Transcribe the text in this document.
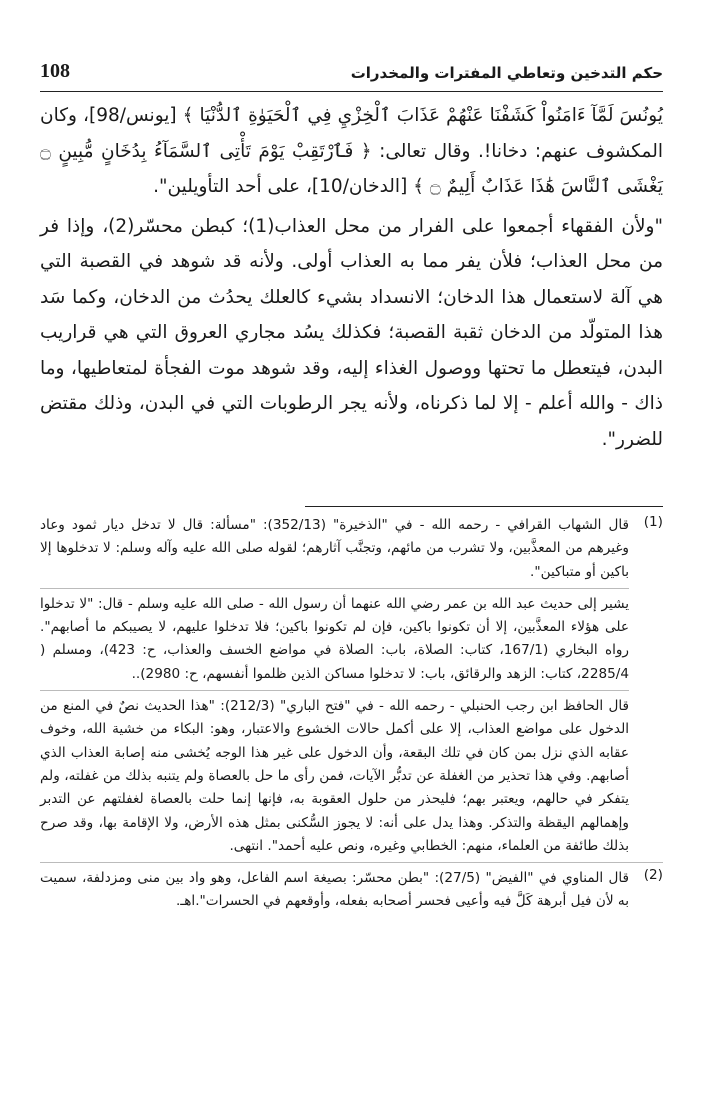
حكم التدخين وتعاطي المفترات والمخدرات
108

يُونُسَ لَمَّآ ءَامَنُواْ كَشَفْنَا عَنْهُمْ عَذَابَ ٱلْخِزْيِ فِي ٱلْحَيَوٰةِ ٱلدُّنْيَا ﴾ [يونس/98]، وكان المكشوف عنهم: دخانا!. وقال تعالى: ﴿ فَٱرْتَقِبْ يَوْمَ تَأْتِى ٱلسَّمَآءُ بِدُخَانٍ مُّبِينٍ ۝ يَغْشَى ٱلنَّاسَ هَٰذَا عَذَابٌ أَلِيمٌ ۝ ﴾ [الدخان/10]، على أحد التأويلين".

"ولأن الفقهاء أجمعوا على الفرار من محل العذاب(1)؛ كبطن محسّر(2)، وإذا فر من محل العذاب؛ فلأن يفر مما به العذاب أولى. ولأنه قد شوهد في القصبة التي هي آلة لاستعمال هذا الدخان؛ الانسداد بشيء كالعلك يحدُث من الدخان، وكما سَد هذا المتولّد من الدخان ثقبة القصبة؛ فكذلك يسُد مجاري العروق التي هي قراريب البدن، فيتعطل ما تحتها ووصول الغذاء إليه، وقد شوهد موت الفجأة لمتعاطيها، وما ذاك - والله أعلم - إلا لما ذكرناه، ولأنه يجر الرطوبات التي في البدن، وذلك مقتض للضرر".

(1)

قال الشهاب القرافي - رحمه الله - في "الذخيرة" (352/13): "مسألة: قال لا تدخل ديار ثمود وعاد وغيرهم من المعذَّبين، ولا تشرب من مائهم، وتجنَّب آثارهم؛ لقوله صلى الله عليه وآله وسلم: لا تدخلوها إلا باكين أو متباكين".

يشير إلى حديث عبد الله بن عمر رضي الله عنهما أن رسول الله - صلى الله عليه وسلم - قال: "لا تدخلوا على هؤلاء المعذَّبين، إلا أن تكونوا باكين، فإن لم تكونوا باكين؛ فلا تدخلوا عليهم، لا يصيبكم ما أصابهم". رواه البخاري (167/1، كتاب: الصلاة، باب: الصلاة في مواضع الخسف والعذاب، ح: 423)، ومسلم ( 2285/4، كتاب: الزهد والرقائق، باب: لا تدخلوا مساكن الذين ظلموا أنفسهم، ح: 2980)..

قال الحافظ ابن رجب الحنبلي - رحمه الله - في "فتح الباري" (212/3): "هذا الحديث نصٌ في المنع من الدخول على مواضع العذاب، إلا على أكمل حالات الخشوع والاعتبار، وهو: البكاء من خشية الله، وخوف عقابه الذي نزل بمن كان في تلك البقعة، وأن الدخول على غير هذا الوجه يُخشى منه إصابة العذاب الذي أصابهم. وفي هذا تحذير من الغفلة عن تدبُّر الآيات، فمن رأى ما حل بالعصاة ولم يتنبه بذلك من غفلته، ولم يتفكر في حالهم، ويعتبر بهم؛ فليحذر من حلول العقوبة به، فإنها إنما حلت بالعصاة لغفلتهم عن التدبر وإهمالهم اليقظة والتذكر. وهذا يدل على أنه: لا يجوز السُّكنى بمثل هذه الأرض، ولا الإقامة بها، وقد صرح بذلك طائفة من العلماء، منهم: الخطابي وغيره، ونص عليه أحمد". انتهى.

(2)

قال المناوي في "الفيض" (27/5): "بطن محسّر: بصيغة اسم الفاعل، وهو واد بين منى ومزدلفة، سميت به لأن فيل أبرهة كَلَّ فيه وأعيى فحسر أصحابه بفعله، وأوقعهم في الحسرات".اهـ.
